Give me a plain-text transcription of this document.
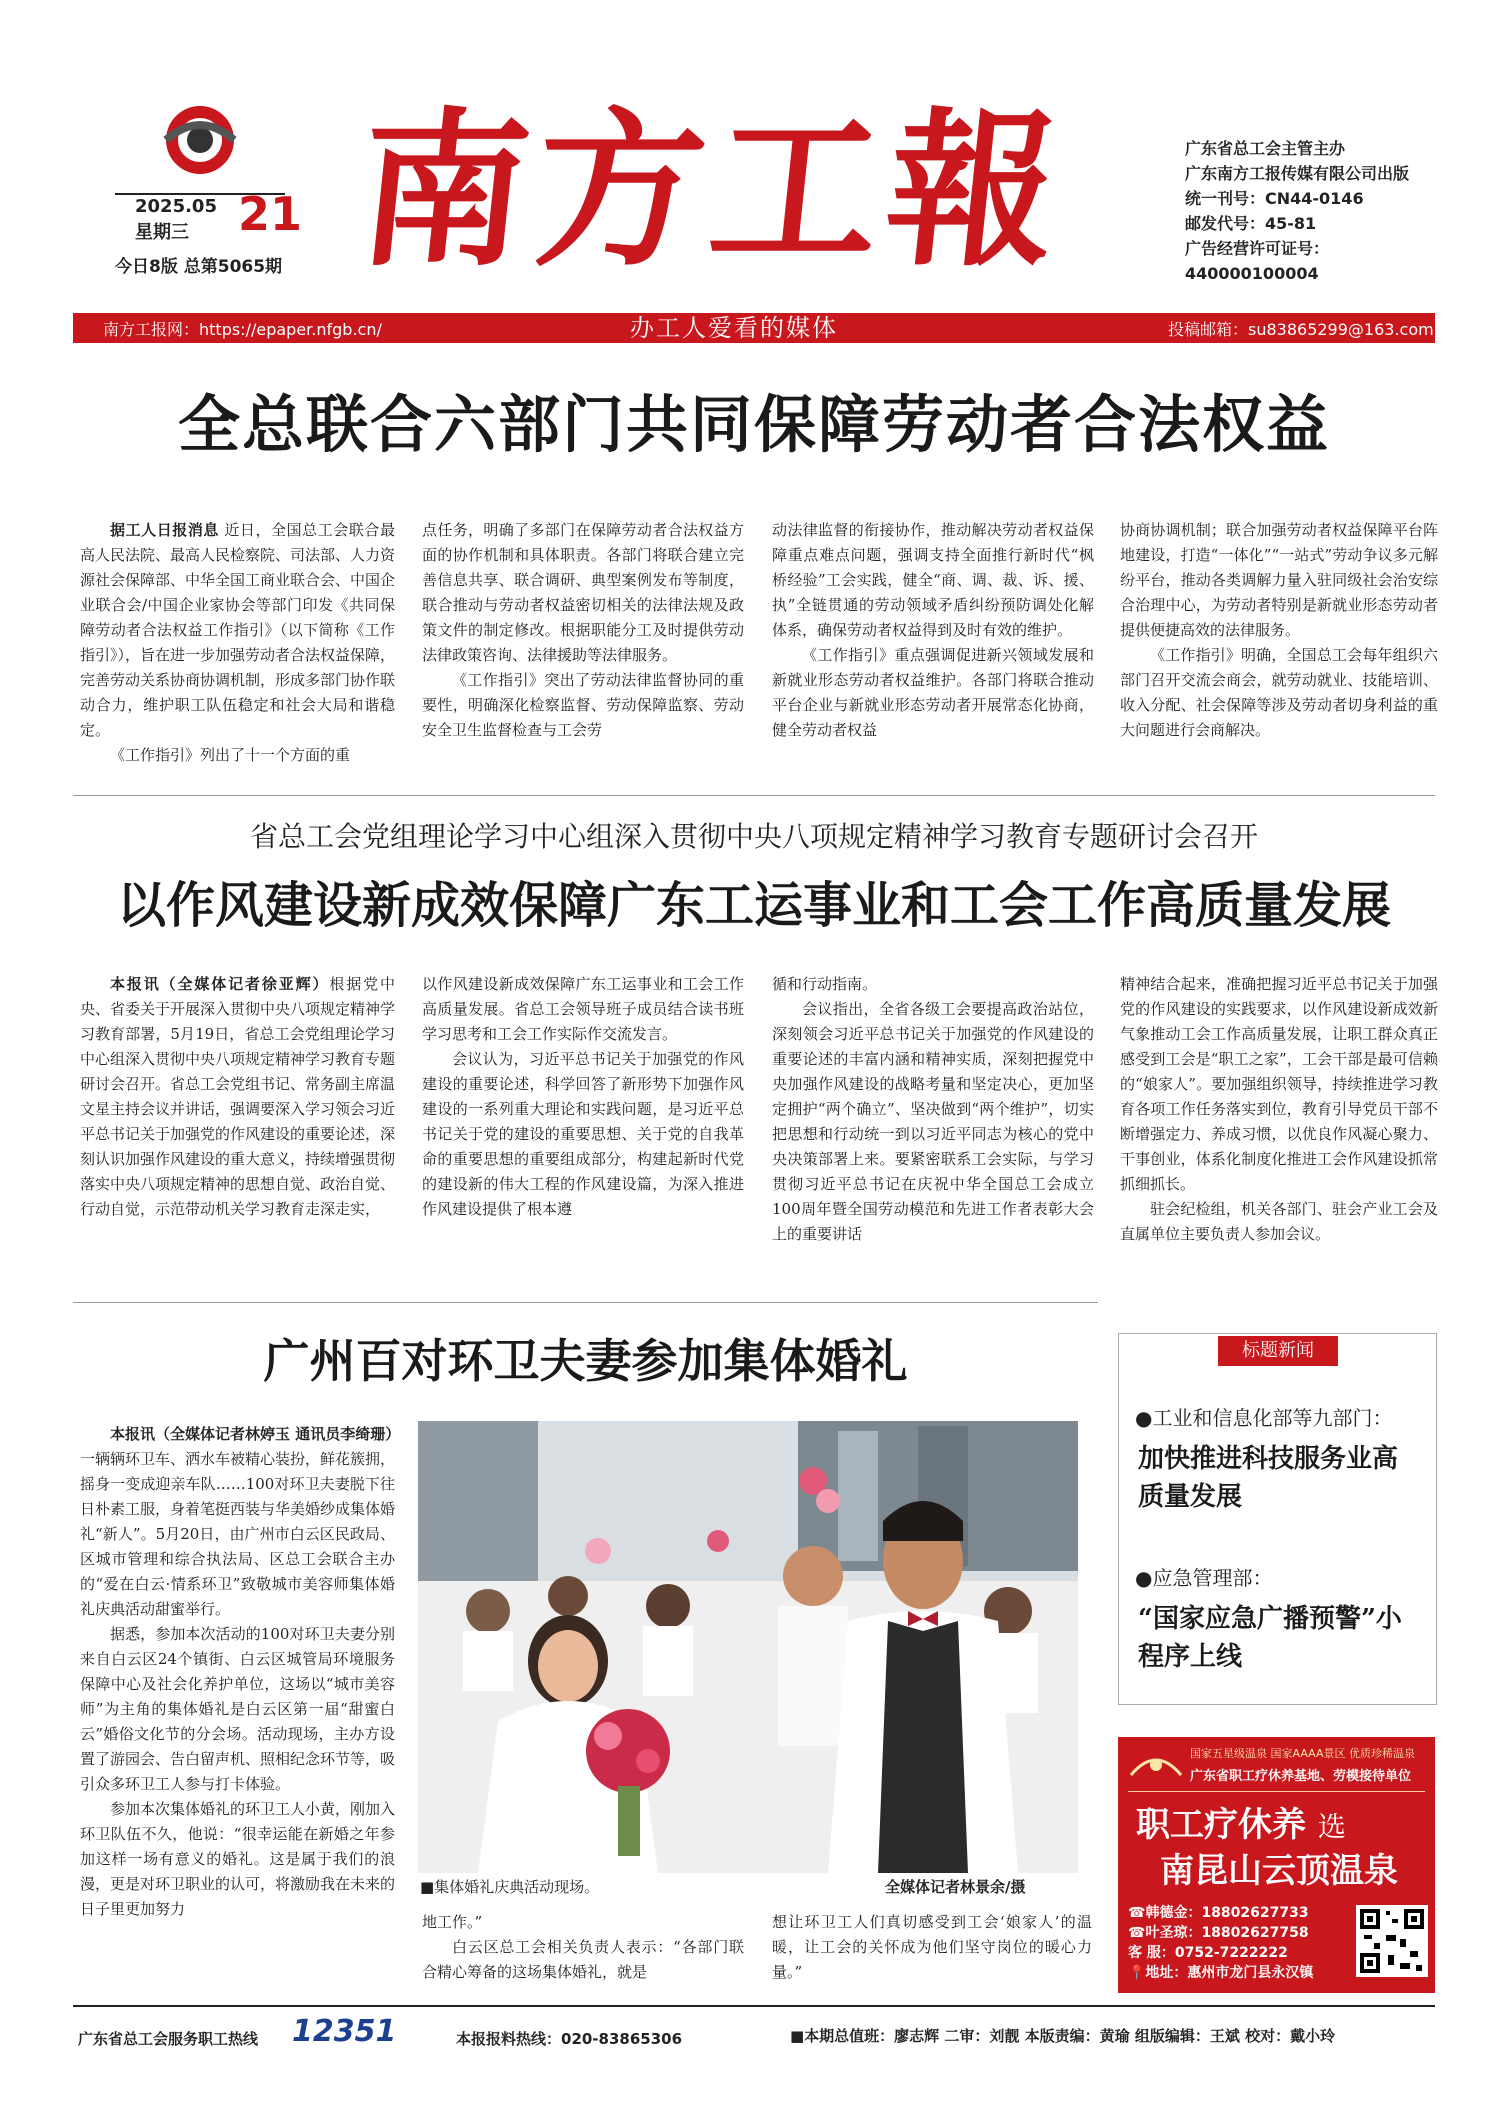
2025.05
星期三 21
今日8版 总第5065期 南方工報	广东省总工会主管主办
广东南方工报传媒有限公司出版
统一刊号：CN44-0146
邮发代号：45-81
广告经营许可证号：
440000100004
南方工报网：https://epaper.nfgb.cn/	办工人爱看的媒体	投稿邮箱：su83865299@163.com
全总联合六部门共同保障劳动者合法权益

据工人日报消息 近日，全国总工会联合最高人民法院、最高人民检察院、司法部、人力资源社会保障部、中华全国工商业联合会、中国企业联合会/中国企业家协会等部门印发《共同保障劳动者合法权益工作指引》（以下简称《工作指引》），旨在进一步加强劳动者合法权益保障，完善劳动关系协商协调机制，形成多部门协作联动合力，维护职工队伍稳定和社会大局和谐稳定。

《工作指引》列出了十一个方面的重

点任务，明确了多部门在保障劳动者合法权益方面的协作机制和具体职责。各部门将联合建立完善信息共享、联合调研、典型案例发布等制度，联合推动与劳动者权益密切相关的法律法规及政策文件的制定修改。根据职能分工及时提供劳动法律政策咨询、法律援助等法律服务。

《工作指引》突出了劳动法律监督协同的重要性，明确深化检察监督、劳动保障监察、劳动安全卫生监督检查与工会劳

动法律监督的衔接协作，推动解决劳动者权益保障重点难点问题，强调支持全面推行新时代“枫桥经验”工会实践，健全“商、调、裁、诉、援、执”全链贯通的劳动领域矛盾纠纷预防调处化解体系，确保劳动者权益得到及时有效的维护。

《工作指引》重点强调促进新兴领域发展和新就业形态劳动者权益维护。各部门将联合推动平台企业与新就业形态劳动者开展常态化协商，健全劳动者权益

协商协调机制；联合加强劳动者权益保障平台阵地建设，打造“一体化”“一站式”劳动争议多元解纷平台，推动各类调解力量入驻同级社会治安综合治理中心，为劳动者特别是新就业形态劳动者提供便捷高效的法律服务。

《工作指引》明确，全国总工会每年组织六部门召开交流会商会，就劳动就业、技能培训、收入分配、社会保障等涉及劳动者切身利益的重大问题进行会商解决。

省总工会党组理论学习中心组深入贯彻中央八项规定精神学习教育专题研讨会召开
以作风建设新成效保障广东工运事业和工会工作高质量发展

本报讯（全媒体记者徐亚辉）根据党中央、省委关于开展深入贯彻中央八项规定精神学习教育部署，5月19日，省总工会党组理论学习中心组深入贯彻中央八项规定精神学习教育专题研讨会召开。省总工会党组书记、常务副主席温文星主持会议并讲话，强调要深入学习领会习近平总书记关于加强党的作风建设的重要论述，深刻认识加强作风建设的重大意义，持续增强贯彻落实中央八项规定精神的思想自觉、政治自觉、行动自觉，示范带动机关学习教育走深走实，

以作风建设新成效保障广东工运事业和工会工作高质量发展。省总工会领导班子成员结合读书班学习思考和工会工作实际作交流发言。

会议认为，习近平总书记关于加强党的作风建设的重要论述，科学回答了新形势下加强作风建设的一系列重大理论和实践问题，是习近平总书记关于党的建设的重要思想、关于党的自我革命的重要思想的重要组成部分，构建起新时代党的建设新的伟大工程的作风建设篇，为深入推进作风建设提供了根本遵

循和行动指南。

会议指出，全省各级工会要提高政治站位，深刻领会习近平总书记关于加强党的作风建设的重要论述的丰富内涵和精神实质，深刻把握党中央加强作风建设的战略考量和坚定决心，更加坚定拥护“两个确立”、坚决做到“两个维护”，切实把思想和行动统一到以习近平同志为核心的党中央决策部署上来。要紧密联系工会实际，与学习贯彻习近平总书记在庆祝中华全国总工会成立100周年暨全国劳动模范和先进工作者表彰大会上的重要讲话

精神结合起来，准确把握习近平总书记关于加强党的作风建设的实践要求，以作风建设新成效新气象推动工会工作高质量发展，让职工群众真正感受到工会是“职工之家”，工会干部是最可信赖的“娘家人”。要加强组织领导，持续推进学习教育各项工作任务落实到位，教育引导党员干部不断增强定力、养成习惯，以优良作风凝心聚力、干事创业，体系化制度化推进工会作风建设抓常抓细抓长。

驻会纪检组，机关各部门、驻会产业工会及直属单位主要负责人参加会议。

广州百对环卫夫妻参加集体婚礼

本报讯（全媒体记者林婷玉 通讯员李绮珊）一辆辆环卫车、洒水车被精心装扮，鲜花簇拥，摇身一变成迎亲车队……100对环卫夫妻脱下往日朴素工服，身着笔挺西装与华美婚纱成集体婚礼“新人”。5月20日，由广州市白云区民政局、区城市管理和综合执法局、区总工会联合主办的“爱在白云·情系环卫”致敬城市美容师集体婚礼庆典活动甜蜜举行。

据悉，参加本次活动的100对环卫夫妻分别来自白云区24个镇街、白云区城管局环境服务保障中心及社会化养护单位，这场以“城市美容师”为主角的集体婚礼是白云区第一届“甜蜜白云”婚俗文化节的分会场。活动现场，主办方设置了游园会、告白留声机、照相纪念环节等，吸引众多环卫工人参与打卡体验。

参加本次集体婚礼的环卫工人小黄，刚加入环卫队伍不久，他说：“很幸运能在新婚之年参加这样一场有意义的婚礼。这是属于我们的浪漫，更是对环卫职业的认可，将激励我在未来的日子里更加努力

■集体婚礼庆典活动现场。	全媒体记者林景余/摄

地工作。”

白云区总工会相关负责人表示：“各部门联合精心筹备的这场集体婚礼，就是

想让环卫工人们真切感受到工会‘娘家人’的温暖，让工会的关怀成为他们坚守岗位的暖心力量。”

标题新闻
●工业和信息化部等九部门：
加快推进科技服务业高质量发展
●应急管理部：
“国家应急广播预警”小程序上线
国家五星级温泉 国家AAAA景区 优质珍稀温泉
广东省职工疗休养基地、劳模接待单位
职工疗休养 选
南昆山云顶温泉
☎韩德金：18802627733
☎叶圣琼：18802627758
客 服：0752-7222222
📍地址：惠州市龙门县永汉镇
广东省总工会服务职工热线 12351	本报报料热线：020-83865306	■本期总值班：廖志辉 二审：刘靓 本版责编：黄瑜 组版编辑：王斌 校对：戴小玲
